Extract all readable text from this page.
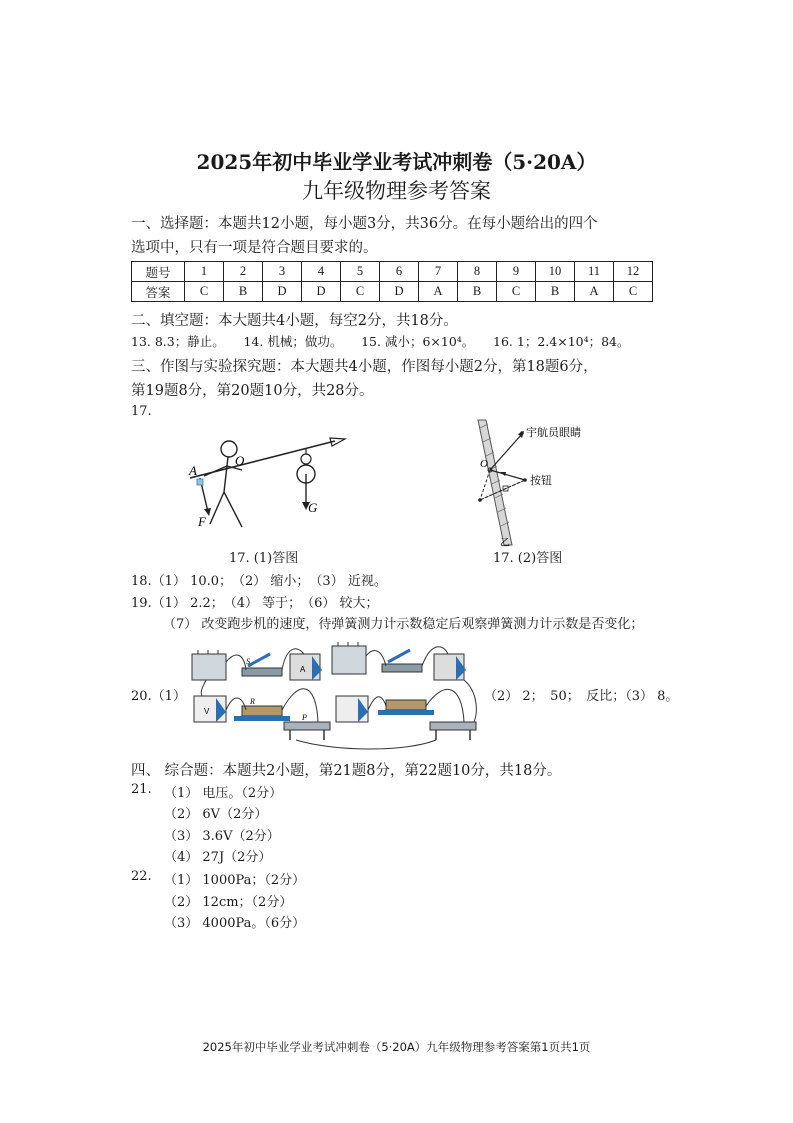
2025年初中毕业学业考试冲刺卷（5·20A）
九年级物理参考答案
一、选择题：本题共12小题，每小题3分，共36分。在每小题给出的四个
选项中，只有一项是符合题目要求的。
题号	1	2	3	4	5	6	7	8	9	10	11	12
答案	C	B	D	D	C	D	A	B	C	B	A	C
二、填空题：本大题共4小题，每空2分，共18分。
13. 8.3；静止。　　14. 机械；做功。　　15. 减小；6×10⁴。　　16. 1；2.4×10⁴；84。
三、作图与实验探究题：本大题共4小题，作图每小题2分，第18题6分，
第19题8分，第20题10分，共28分。
17.
A
O
F
G
O
宇航员眼睛
按钮
乙
17. (1)答图	17. (2)答图
18.（1） 10.0；　（2） 缩小；　（3） 近视。
19.（1） 2.2；　（4） 等于；　（6） 较大；
（7） 改变跑步机的速度，待弹簧测力计示数稳定后观察弹簧测力计示数是否变化；
20.（1）
S
A
V
R
P
（2） 2；　50；　反比；（3） 8。
四、 综合题：本题共2小题，第21题8分，第22题10分，共18分。
21. （1） 电压。（2分）
（2） 6V（2分）
（3） 3.6V（2分）
（4） 27J（2分）
22. （1） 1000Pa；（2分）
（2） 12cm；（2分）
（3） 4000Pa。（6分）
2025年初中毕业学业考试冲刺卷（5·20A）九年级物理参考答案第1页共1页
